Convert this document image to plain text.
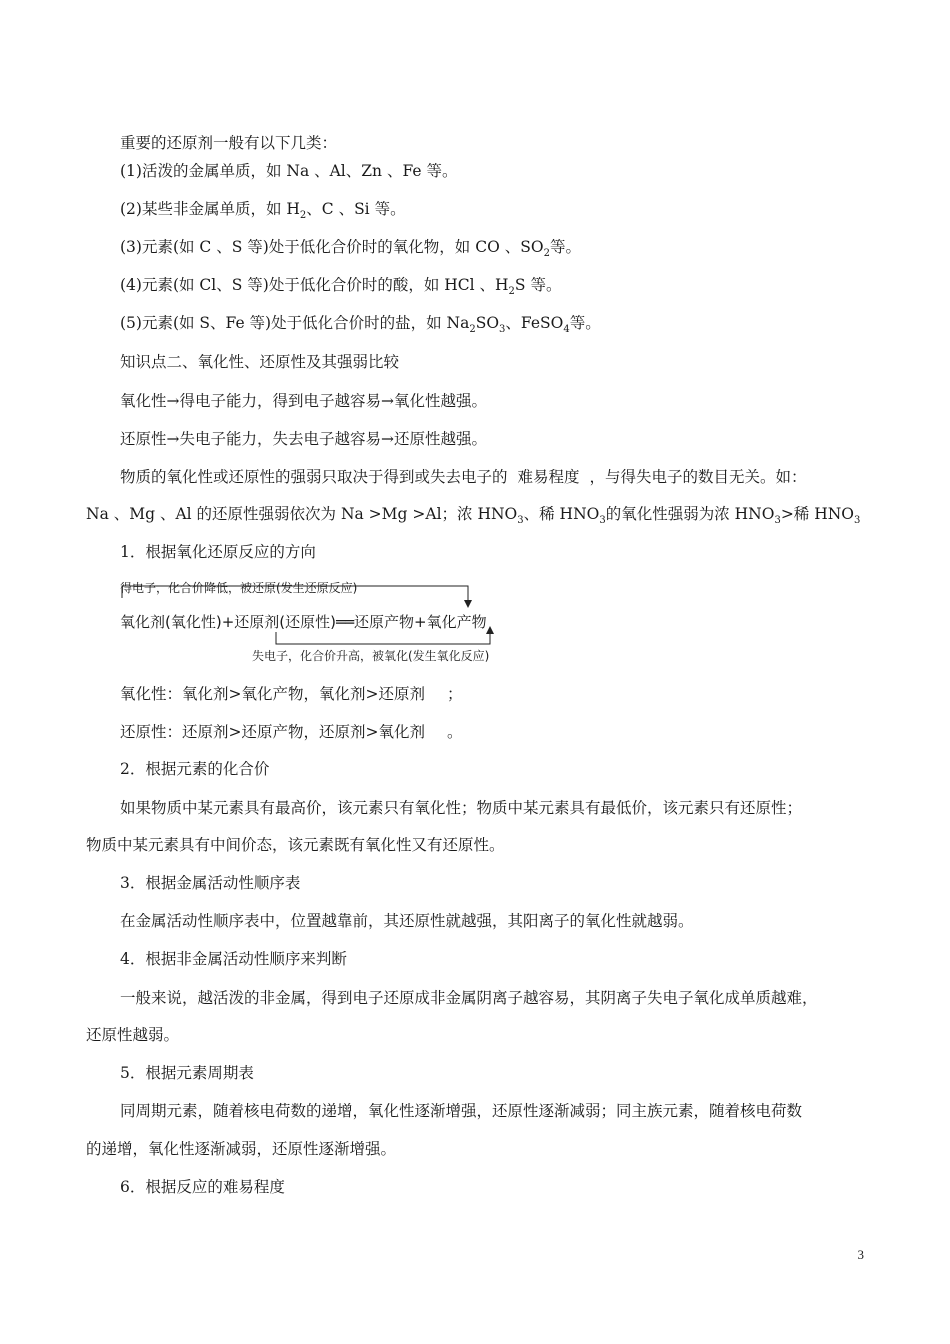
重要的还原剂一般有以下几类：
(1)活泼的金属单质，如 Na 、Al、Zn 、Fe 等。
(2)某些非金属单质，如 $H_2$、C 、Si 等。
(3)元素(如 C 、S 等)处于低化合价时的氧化物，如 CO 、$SO_2$等。
(4)元素(如 Cl、S 等)处于低化合价时的酸，如 HCl 、$H_2S$ 等。
(5)元素(如 S、Fe 等)处于低化合价时的盐，如 $Na_2SO_3$、FeSO$_4$等。
知识点二、氧化性、还原性及其强弱比较
氧化性→得电子能力，得到电子越容易→氧化性越强。
还原性→失电子能力，失去电子越容易→还原性越强。
物质的氧化性或还原性的强弱只取决于得到或失去电子的 难易程度 ，与得失电子的数目无关。如：
Na 、Mg 、Al 的还原性强弱依次为 Na >Mg >Al；浓 $HNO_3$、稀 $HNO_3$的氧化性强弱为浓 $HNO_3>$稀 $HNO_3$
1．根据氧化还原反应的方向
得电子，化合价降低，被还原(发生还原反应)
氧化剂(氧化性)+还原剂(还原性)══还原产物+氧化产物
失电子，化合价升高，被氧化(发生氧化反应)
氧化性：氧化剂>氧化产物，氧化剂>还原剂 ；
还原性：还原剂>还原产物，还原剂>氧化剂 。
2．根据元素的化合价
如果物质中某元素具有最高价，该元素只有氧化性；物质中某元素具有最低价，该元素只有还原性；
物质中某元素具有中间价态，该元素既有氧化性又有还原性。
3．根据金属活动性顺序表
在金属活动性顺序表中，位置越靠前，其还原性就越强，其阳离子的氧化性就越弱。
4．根据非金属活动性顺序来判断
一般来说，越活泼的非金属，得到电子还原成非金属阴离子越容易，其阴离子失电子氧化成单质越难，
还原性越弱。
5．根据元素周期表
同周期元素，随着核电荷数的递增，氧化性逐渐增强，还原性逐渐减弱；同主族元素，随着核电荷数
的递增，氧化性逐渐减弱，还原性逐渐增强。
6．根据反应的难易程度
3
